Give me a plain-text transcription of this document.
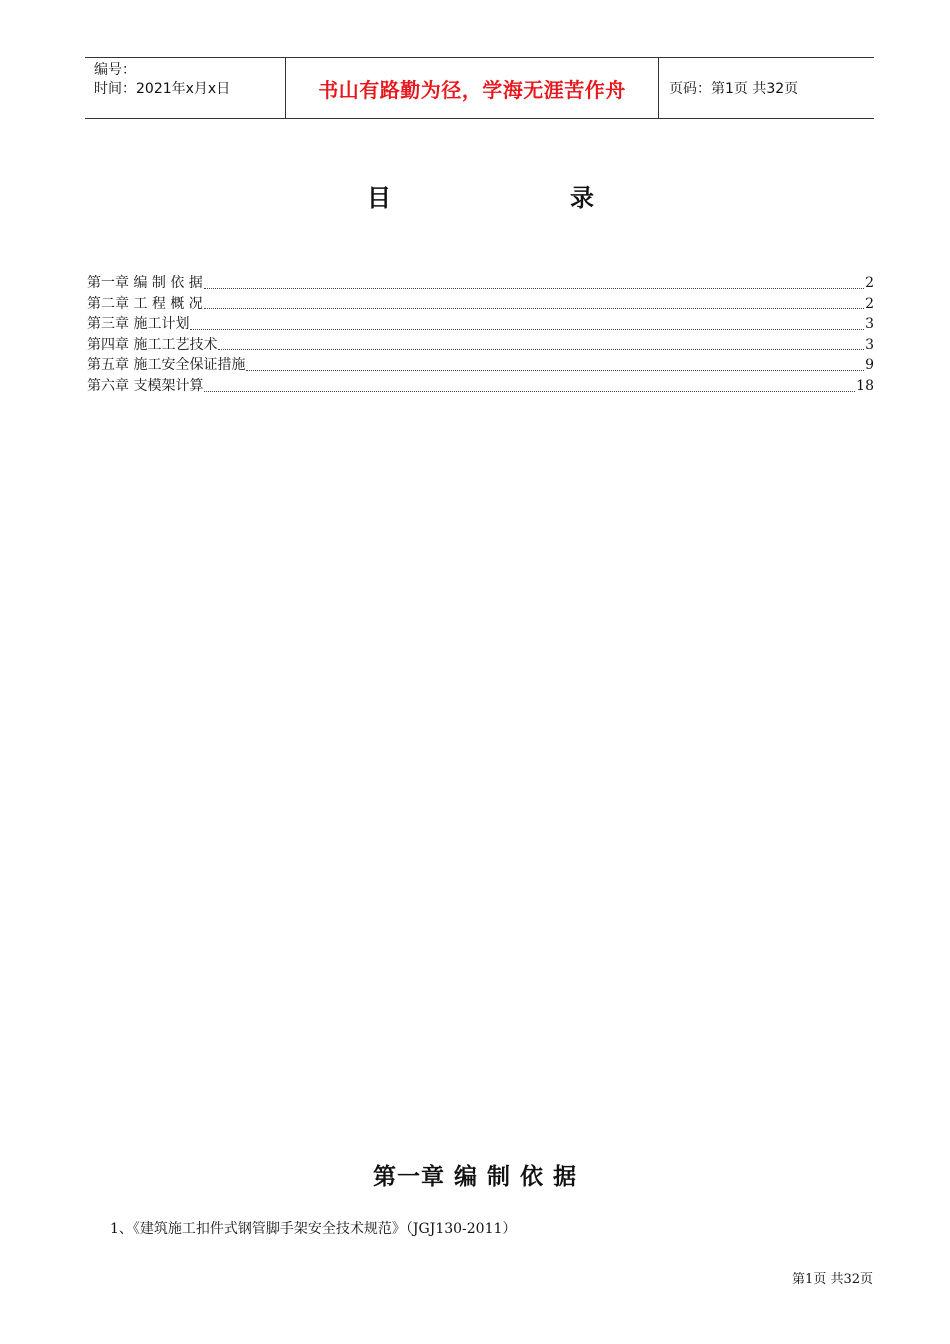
编号：
时间：2021年x月x日	书山有路勤为径，学海无涯苦作舟	页码：第1页 共32页
目	录
第一章 编 制 依 据	2
第二章 工 程 概 况	2
第三章 施工计划	3
第四章 施工工艺技术	3
第五章 施工安全保证措施	9
第六章 支模架计算	18
第一章 编 制 依 据
1、《建筑施工扣件式钢管脚手架安全技术规范》（JGJ130-2011）
第1页 共32页
